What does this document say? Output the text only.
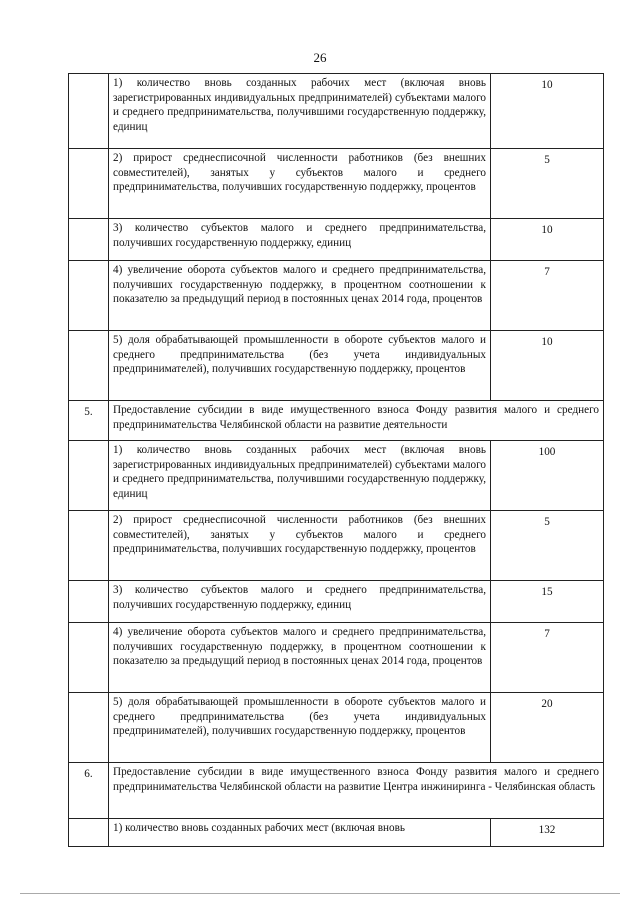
26
	1) количество вновь созданных рабочих мест (включая вновь зарегистрированных индивидуальных предпринимателей) субъектами малого и среднего предпринимательства, получившими государственную поддержку, единиц	10
	2) прирост среднесписочной численности работников (без внешних совместителей), занятых у субъектов малого и среднего предпринимательства, получивших государственную поддержку, процентов	5
	3) количество субъектов малого и среднего предпринимательства, получивших государственную поддержку, единиц	10
	4) увеличение оборота субъектов малого и среднего предпринимательства, получивших государственную поддержку, в процентном соотношении к показателю за предыдущий период в постоянных ценах 2014 года, процентов	7
	5) доля обрабатывающей промышленности в обороте субъектов малого и среднего предпринимательства (без учета индивидуальных предпринимателей), получивших государственную поддержку, процентов	10
5.	Предоставление субсидии в виде имущественного взноса Фонду развития малого и среднего предпринимательства Челябинской области на развитие деятельности	
	1) количество вновь созданных рабочих мест (включая вновь зарегистрированных индивидуальных предпринимателей) субъектами малого и среднего предпринимательства, получившими государственную поддержку, единиц	100
	2) прирост среднесписочной численности работников (без внешних совместителей), занятых у субъектов малого и среднего предпринимательства, получивших государственную поддержку, процентов	5
	3) количество субъектов малого и среднего предпринимательства, получивших государственную поддержку, единиц	15
	4) увеличение оборота субъектов малого и среднего предпринимательства, получивших государственную поддержку, в процентном соотношении к показателю за предыдущий период в постоянных ценах 2014 года, процентов	7
	5) доля обрабатывающей промышленности в обороте субъектов малого и среднего предпринимательства (без учета индивидуальных предпринимателей), получивших государственную поддержку, процентов	20
6.	Предоставление субсидии в виде имущественного взноса Фонду развития малого и среднего предпринимательства Челябинской области на развитие Центра инжиниринга - Челябинская область	
	1) количество вновь созданных рабочих мест (включая вновь	132
